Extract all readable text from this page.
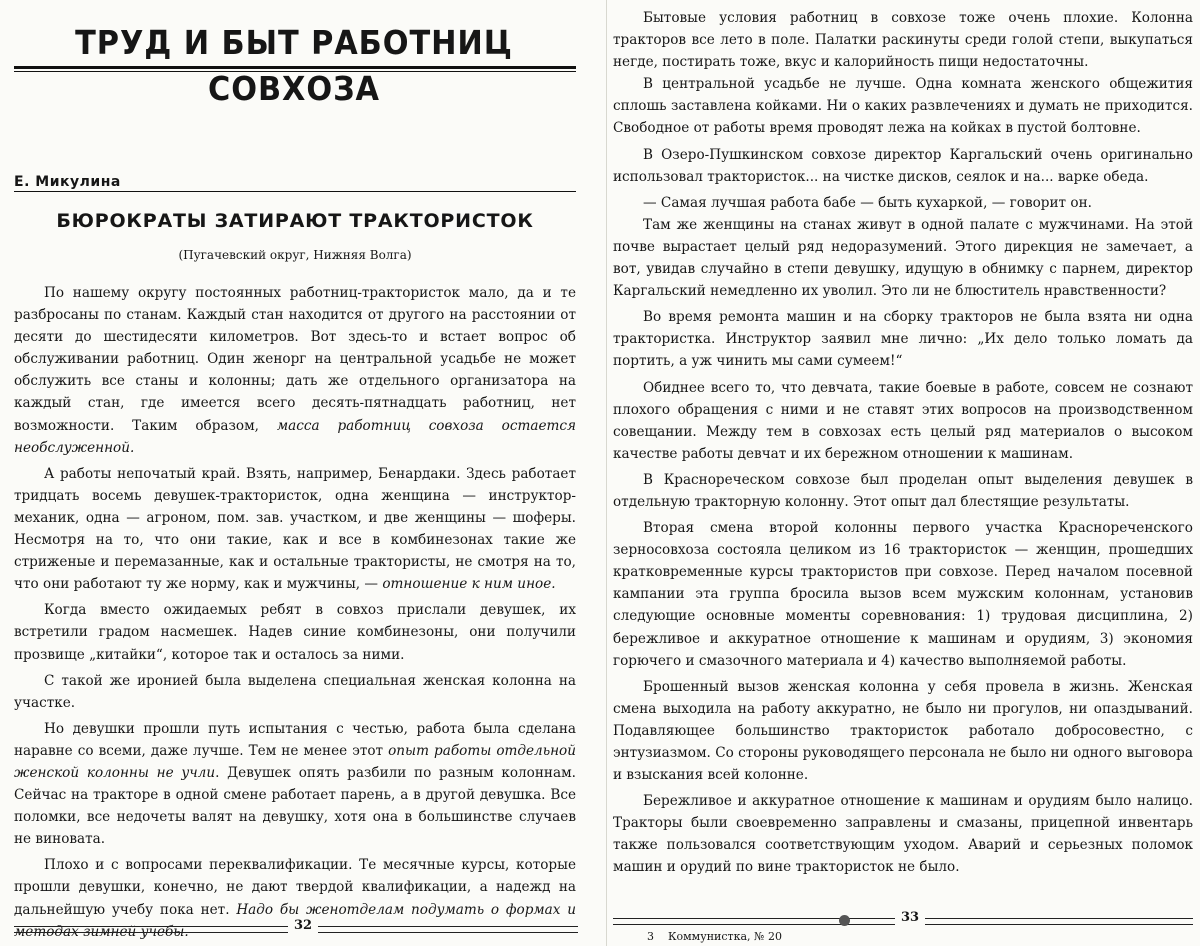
ТРУД И БЫТ РАБОТНИЦ СОВХОЗА
Е. Микулина
БЮРОКРАТЫ ЗАТИРАЮТ ТРАКТОРИСТОК
(Пугачевский округ, Нижняя Волга)

По нашему округу постоянных работниц-трактористок мало, да и те разбросаны по станам. Каждый стан находится от другого на расстоянии от десяти до шестидесяти километров. Вот здесь-то и встает вопрос об обслуживании работниц. Один женорг на центральной усадьбе не может обслужить все станы и колонны; дать же отдельного организатора на каждый стан, где имеется всего десять-пятнадцать работниц, нет возможности. Таким образом, масса работниц совхоза остается необслуженной.

А работы непочатый край. Взять, например, Бенардаки. Здесь работает тридцать восемь девушек-трактористок, одна женщина — инструктор-механик, одна — агроном, пом. зав. участком, и две женщины — шоферы. Несмотря на то, что они такие, как и все в комбинезонах такие же стриженые и перемазанные, как и остальные трактористы, не смотря на то, что они работают ту же норму, как и мужчины, — отношение к ним иное.

Когда вместо ожидаемых ребят в совхоз прислали девушек, их встретили градом насмешек. Надев синие комбинезоны, они получили прозвище „китайки“, которое так и осталось за ними.

С такой же иронией была выделена специальная женская колонна на участке.

Но девушки прошли путь испытания с честью, работа была сделана наравне со всеми, даже лучше. Тем не менее этот опыт работы отдельной женской колонны не учли. Девушек опять разбили по разным колоннам. Сейчас на тракторе в одной смене работает парень, а в другой девушка. Все поломки, все недочеты валят на девушку, хотя она в большинстве случаев не виновата.

Плохо и с вопросами переквалификации. Те месячные курсы, которые прошли девушки, конечно, не дают твердой квалификации, а надежд на дальнейшую учебу пока нет. Надо бы женотделам подумать о формах и методах зимней учебы.	32

Бытовые условия работниц в совхозе тоже очень плохие. Колонна тракторов все лето в поле. Палатки раскинуты среди голой степи, выкупаться негде, постирать тоже, вкус и калорийность пищи недостаточны.

В центральной усадьбе не лучше. Одна комната женского общежития сплошь заставлена койками. Ни о каких развлечениях и думать не приходится. Свободное от работы время проводят лежа на койках в пустой болтовне.

В Озеро-Пушкинском совхозе директор Каргальский очень оригинально использовал трактористок... на чистке дисков, сеялок и на... варке обеда.

— Самая лучшая работа бабе — быть кухаркой, — говорит он.

Там же женщины на станах живут в одной палате с мужчинами. На этой почве вырастает целый ряд недоразумений. Этого дирекция не замечает, а вот, увидав случайно в степи девушку, идущую в обнимку с парнем, директор Каргальский немедленно их уволил. Это ли не блюститель нравственности?

Во время ремонта машин и на сборку тракторов не была взята ни одна трактористка. Инструктор заявил мне лично: „Их дело только ломать да портить, а уж чинить мы сами сумеем!“

Обиднее всего то, что девчата, такие боевые в работе, совсем не сознают плохого обращения с ними и не ставят этих вопросов на производственном совещании. Между тем в совхозах есть целый ряд материалов о высоком качестве работы девчат и их бережном отношении к машинам.

В Краснореческом совхозе был проделан опыт выделения девушек в отдельную тракторную колонну. Этот опыт дал блестящие результаты.

Вторая смена второй колонны первого участка Краснореченского зерносовхоза состояла целиком из 16 трактористок — женщин, прошедших кратковременные курсы трактористов при совхозе. Перед началом посевной кампании эта группа бросила вызов всем мужским колоннам, установив следующие основные моменты соревнования: 1) трудовая дисциплина, 2) бережливое и аккуратное отношение к машинам и орудиям, 3) экономия горючего и смазочного материала и 4) качество выполняемой работы.

Брошенный вызов женская колонна у себя провела в жизнь. Женская смена выходила на работу аккуратно, не было ни прогулов, ни опаздываний. Подавляющее большинство трактористок работало добросовестно, с энтузиазмом. Со стороны руководящего персонала не было ни одного выговора и взыскания всей колонне.

Бережливое и аккуратное отношение к машинам и орудиям было налицо. Тракторы были своевременно заправлены и смазаны, прицепной инвентарь также пользовался соответствующим уходом. Аварий и серьезных поломок машин и орудий по вине трактористок не было.

33
3    Коммунистка, № 20
